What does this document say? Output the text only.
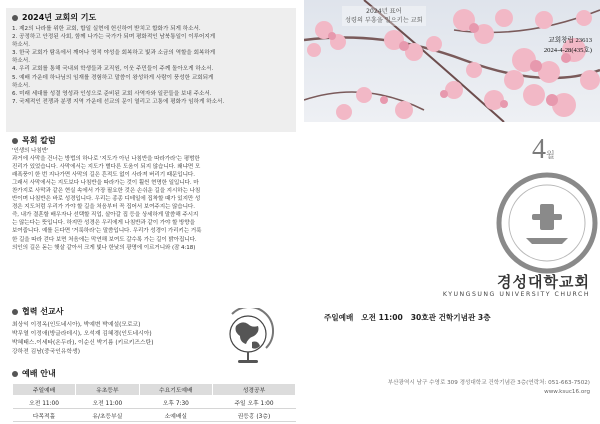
2024년 교회의 기도
1. 제2의 나라를 위한 교회, 합일 실현에 헌신하여 받치고 합화가 되게 하소서.
2. 공정하고 안정된 사회, 함께 나가는 국가가 되며 평화적인 남북통일이 이루어지게
하소서.
3. 한국 교회가 탐욕에서 깨어나 영적 야성을 회복하고 빛과 소금의 역할을 회복하게
하소서.
4. 우리 교회를 통해 국내외 학생들과 교직원, 이웃 주민들이 주께 돌아오게 하소서.
5. 예배 가운데 하나님의 임재를 경험하고 말씀이 왕성하게 사람이 풍성한 교회되게
하소서.
6. 미래 세대를 성결 영성과 인성으로 준비된 교회 사역자와 일꾼들을 보내 주소서.
7. 국제적인 전쟁과 분쟁 지역 가운데 선교의 문이 열리고 고통에 평화가 임하게 하소서.
목회 칼럼

'인생의 나침반'

과거에 사막을 건너는 방법의 하나로 '지도가 아닌 나침반을 따라가라'는 평범한

진리가 있었습니다. 사막에서는 지도가 별다른 도움이 되지 않습니다. 왜냐면 모

래폭풍이 한 번 지나가면 사막의 길은 흔적도 없이 사라져 버리기 때문입니다.

그래서 사막에서는 지도보다 나침반을 따라가는 것이 훨씬 현명한 일입니다. 마

찬가지로 사막과 같은 현실 속에서 가장 필요한 것은 손쉬운 길을 지시하는 나침

반이며 나침반은 바로 성경입니다. 우리는 종종 디테일에 집착할 때가 있지만 성

경은 지도처럼 우리가 가야 할 길을 처음부터 꼭 집어서 보여주지는 않습니다.

즉, 내가 결혼할 배우자나 선택할 직업, 살아갈 집 등을 상세하게 말씀해 주시지

는 않는다는 뜻입니다. 하지만 성경은 우리에게 나침반과 같이 가야 할 방향을

보여줍니다. 예를 든다면 '거룩하라'는 말씀입니다. 우리가 성경이 가리키는 거룩

한 길을 따라 걷다 보면 처음에는 막연해 보여도 갈수록 가는 길이 밝아집니다.

의인의 길은 돋는 햇살 같아서 크게 빛나 한낮의 광명에 이르거니와 (잠 4:18)

협력 선교사
최상익 이정옥(인도네시아), 박예변 박예설(모로코)
박무열 이정애(방글라데시), 오석재 김혜경(인도네시아)
박혜태스.이세타(온두라), 이순신 박기름 (키르키즈스탄)
강하전 김남(중국인유학생)
예배 안내
주일예배	유초등부	수요기도예배	성경공부
오전 11:00	오전 11:00	오후 7:30	주일 오후 1:00
다목적홀	유/초등부실	소예배실	권등홍 (3층)
2024년 표어
성령의 부흥을 일으키는 교회
교회창립 23613
2024-4-28(435호)
4월
경성대학교회
KYUNGSUNG UNIVERSITY CHURCH
주일예배 오전 11:00 30호관 건학기념관 3층
부산광역시 남구 수영로 309 경성대학교 건학기념관 3층(연락처: 051-663-7502)
www.ksuc16.org
